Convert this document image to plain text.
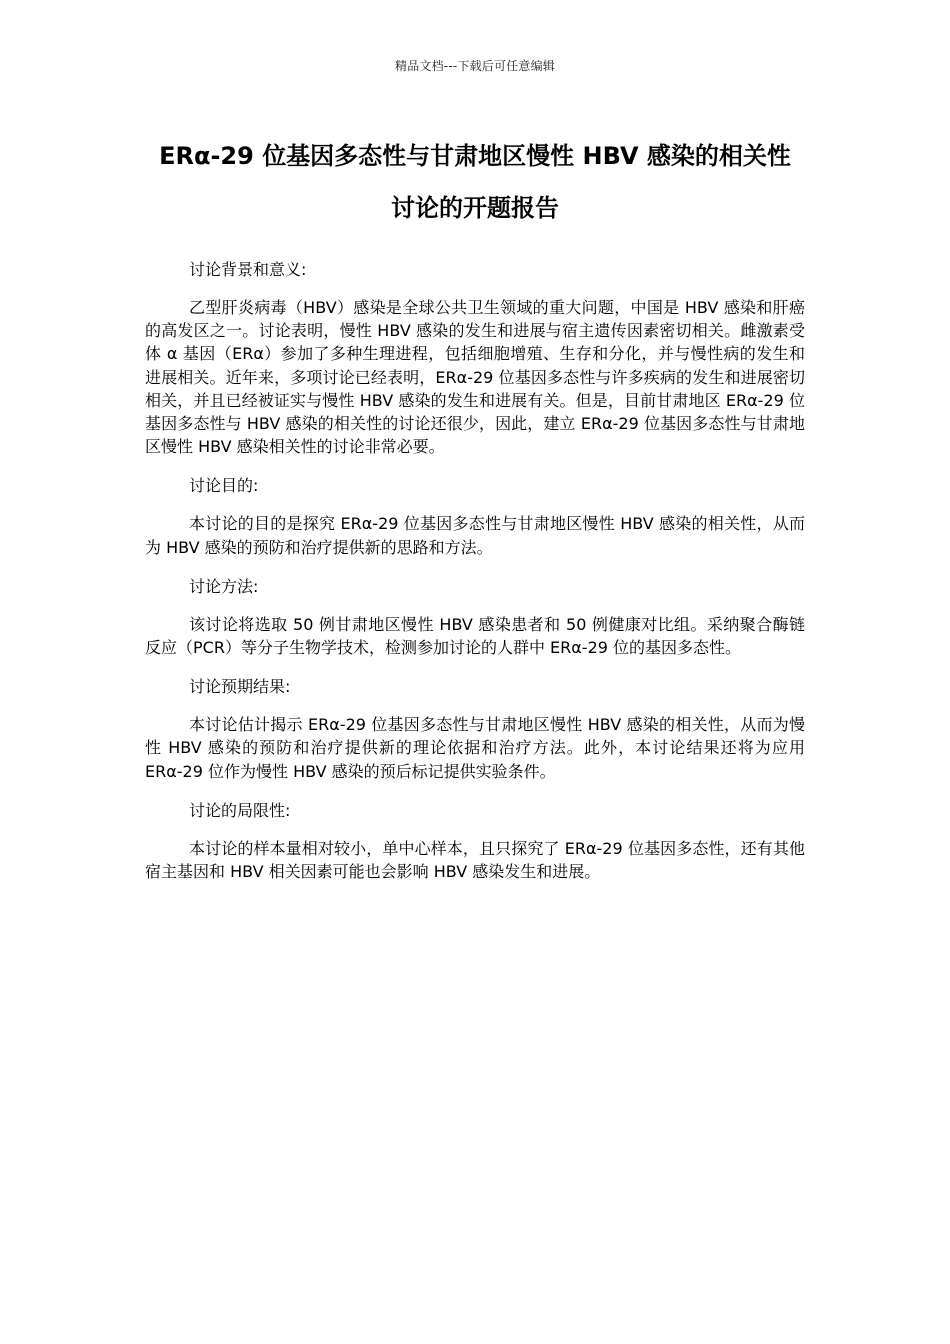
精品文档---下载后可任意编辑
ERα-29 位基因多态性与甘肃地区慢性 HBV 感染的相关性
讨论的开题报告

讨论背景和意义:

乙型肝炎病毒（HBV）感染是全球公共卫生领域的重大问题，中国是 HBV 感染和肝癌的高发区之一。讨论表明，慢性 HBV 感染的发生和进展与宿主遗传因素密切相关。雌激素受体 α 基因（ERα）参加了多种生理进程，包括细胞增殖、生存和分化，并与慢性病的发生和进展相关。近年来，多项讨论已经表明，ERα-29 位基因多态性与许多疾病的发生和进展密切相关，并且已经被证实与慢性 HBV 感染的发生和进展有关。但是，目前甘肃地区 ERα-29 位基因多态性与 HBV 感染的相关性的讨论还很少，因此，建立 ERα-29 位基因多态性与甘肃地区慢性 HBV 感染相关性的讨论非常必要。

讨论目的:

本讨论的目的是探究 ERα-29 位基因多态性与甘肃地区慢性 HBV 感染的相关性，从而为 HBV 感染的预防和治疗提供新的思路和方法。

讨论方法:

该讨论将选取 50 例甘肃地区慢性 HBV 感染患者和 50 例健康对比组。采纳聚合酶链反应（PCR）等分子生物学技术，检测参加讨论的人群中 ERα-29 位的基因多态性。

讨论预期结果:

本讨论估计揭示 ERα-29 位基因多态性与甘肃地区慢性 HBV 感染的相关性，从而为慢性 HBV 感染的预防和治疗提供新的理论依据和治疗方法。此外，本讨论结果还将为应用 ERα-29 位作为慢性 HBV 感染的预后标记提供实验条件。

讨论的局限性:

本讨论的样本量相对较小，单中心样本，且只探究了 ERα-29 位基因多态性，还有其他宿主基因和 HBV 相关因素可能也会影响 HBV 感染发生和进展。
